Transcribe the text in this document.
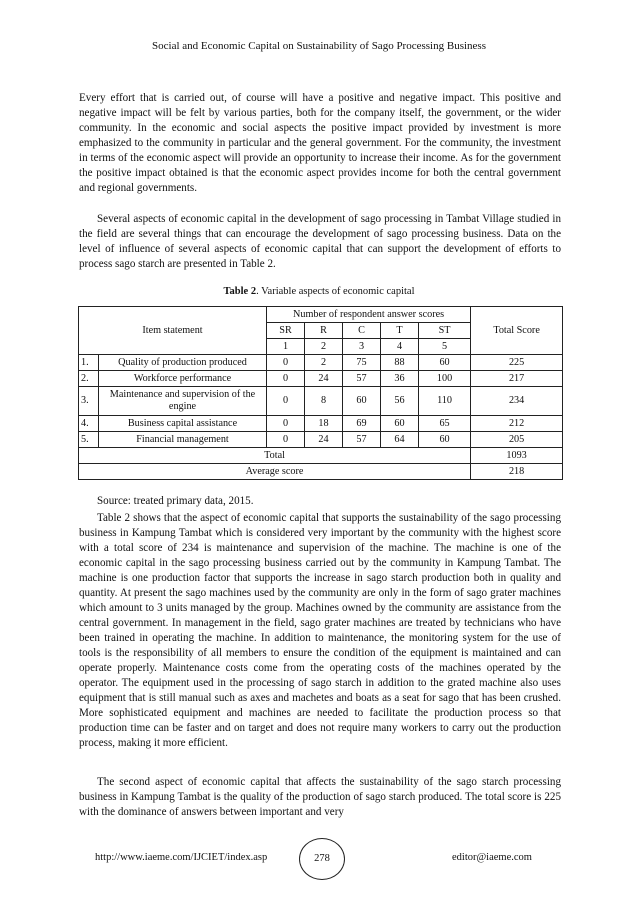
Social and Economic Capital on Sustainability of Sago Processing Business

Every effort that is carried out, of course will have a positive and negative impact. This positive and negative impact will be felt by various parties, both for the company itself, the government, or the wider community. In the economic and social aspects the positive impact provided by investment is more emphasized to the community in particular and the general government. For the community, the investment in terms of the economic aspect will provide an opportunity to increase their income. As for the government the positive impact obtained is that the economic aspect provides income for both the central government and regional governments.

Several aspects of economic capital in the development of sago processing in Tambat Village studied in the field are several things that can encourage the development of sago processing business. Data on the level of influence of several aspects of economic capital that can support the development of efforts to process sago starch are presented in Table 2.

Table 2. Variable aspects of economic capital
Item statement		Number of respondent answer scores					Total Score
		SR	R	C	T	ST	
		1	2	3	4	5	
1.	Quality of production produced	0	2	75	88	60	225
2.	Workforce performance	0	24	57	36	100	217
3.	Maintenance and supervision of the engine	0	8	60	56	110	234
4.	Business capital assistance	0	18	69	60	65	212
5.	Financial management	0	24	57	64	60	205
Total							1093
Average score							218
Source: treated primary data, 2015.

Table 2 shows that the aspect of economic capital that supports the sustainability of the sago processing business in Kampung Tambat which is considered very important by the community with the highest score with a total score of 234 is maintenance and supervision of the machine. The machine is one of the economic capital in the sago processing business carried out by the community in Kampung Tambat. The machine is one production factor that supports the increase in sago starch production both in quality and quantity. At present the sago machines used by the community are only in the form of sago grater machines which amount to 3 units managed by the group. Machines owned by the community are assistance from the central government. In management in the field, sago grater machines are treated by technicians who have been trained in operating the machine. In addition to maintenance, the monitoring system for the use of tools is the responsibility of all members to ensure the condition of the equipment is maintained and can operate properly. Maintenance costs come from the operating costs of the machines operated by the operator. The equipment used in the processing of sago starch in addition to the grated machine also uses equipment that is still manual such as axes and machetes and boats as a seat for sago that has been crushed. More sophisticated equipment and machines are needed to facilitate the production process so that production time can be faster and on target and does not require many workers to carry out the production process, making it more efficient.

The second aspect of economic capital that affects the sustainability of the sago starch processing business in Kampung Tambat is the quality of the production of sago starch produced. The total score is 225 with the dominance of answers between important and very

http://www.iaeme.com/IJCIET/index.asp	278	editor@iaeme.com
